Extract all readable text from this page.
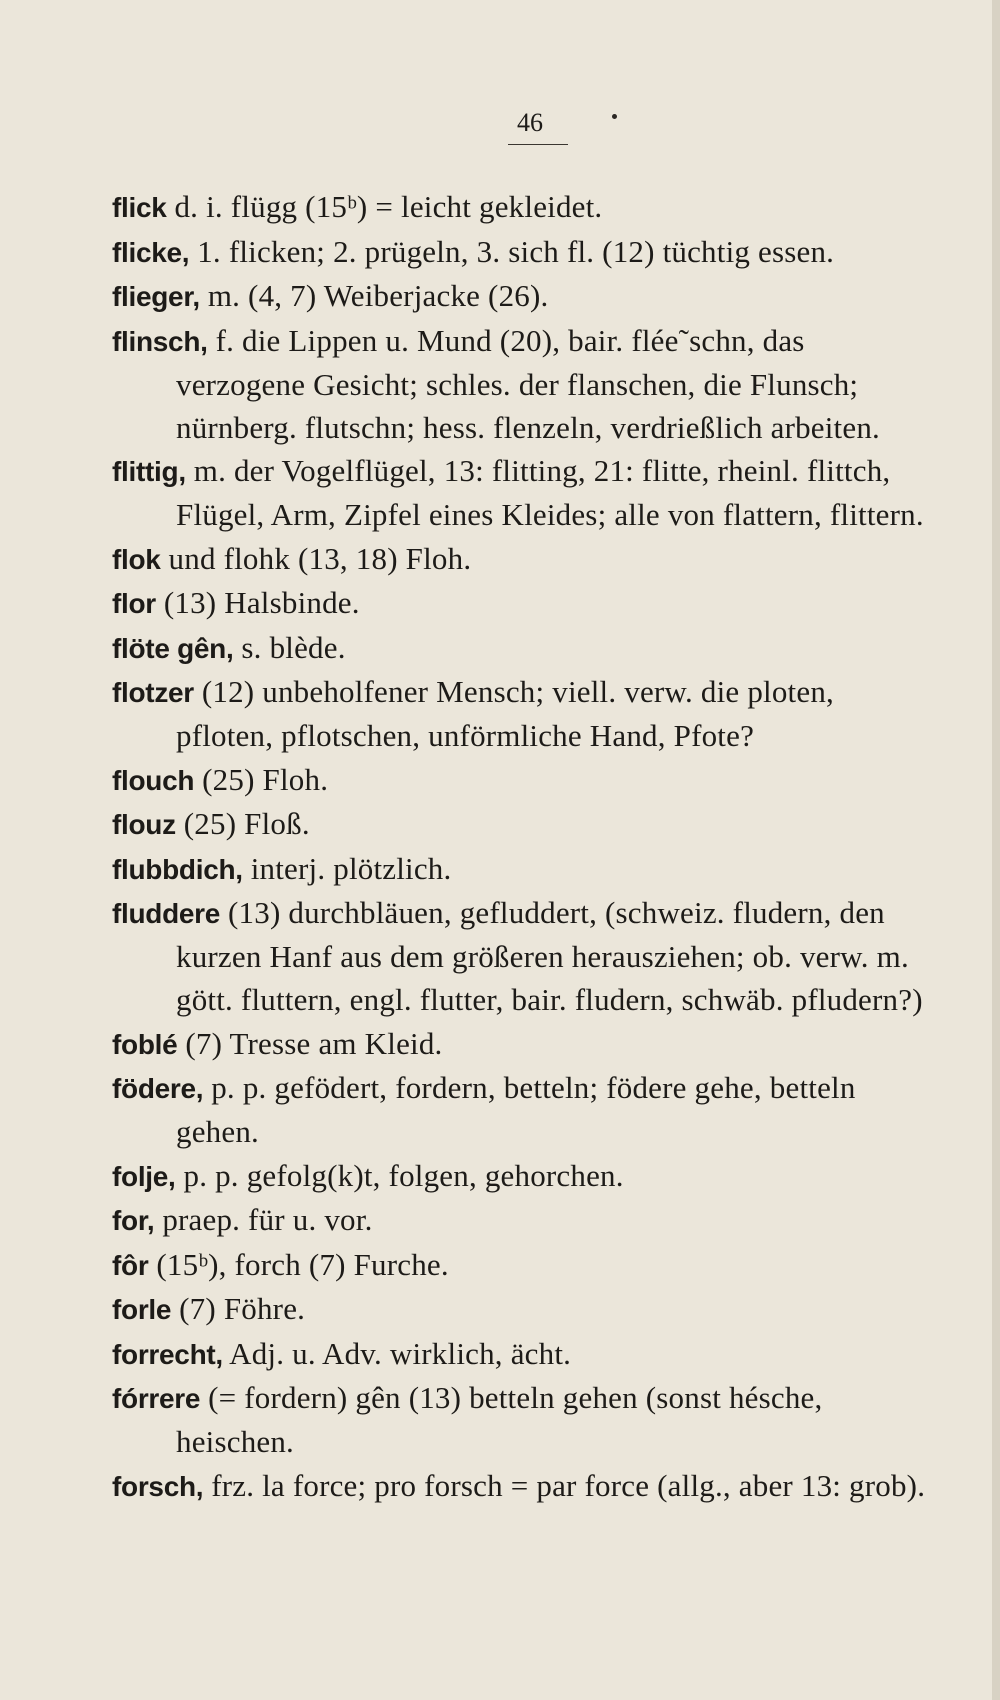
46
flick d. i. flügg (15ᵇ) = leicht gekleidet.
flicke, 1. flicken; 2. prügeln, 3. sich fl. (12) tüchtig essen.
flieger, m. (4, 7) Weiberjacke (26).
flinsch, f. die Lippen u. Mund (20), bair. flée˜schn, das verzogene Gesicht; schles. der flanschen, die Flunsch; nürnberg. flutschn; hess. flenzeln, verdrießlich arbeiten.
flittig, m. der Vogelflügel, 13: flitting, 21: flitte, rheinl. flittch, Flügel, Arm, Zipfel eines Kleides; alle von flattern, flittern.
flok und flohk (13, 18) Floh.
flor (13) Halsbinde.
flöte gên, s. blède.
flotzer (12) unbeholfener Mensch; viell. verw. die ploten, pfloten, pflotschen, unförmliche Hand, Pfote?
flouch (25) Floh.
flouz (25) Floß.
flubbdich, interj. plötzlich.
fluddere (13) durchbläuen, gefluddert, (schweiz. fludern, den kurzen Hanf aus dem größeren herausziehen; ob. verw. m. gött. fluttern, engl. flutter, bair. fludern, schwäb. pfludern?)
foblé (7) Tresse am Kleid.
födere, p. p. gefödert, fordern, betteln; födere gehe, betteln gehen.
folje, p. p. gefolg(k)t, folgen, gehorchen.
for, praep. für u. vor.
fôr (15ᵇ), forch (7) Furche.
forle (7) Föhre.
forrecht, Adj. u. Adv. wirklich, ächt.
fórrere (= fordern) gên (13) betteln gehen (sonst hésche, heischen.
forsch, frz. la force; pro forsch = par force (allg., aber 13: grob).
